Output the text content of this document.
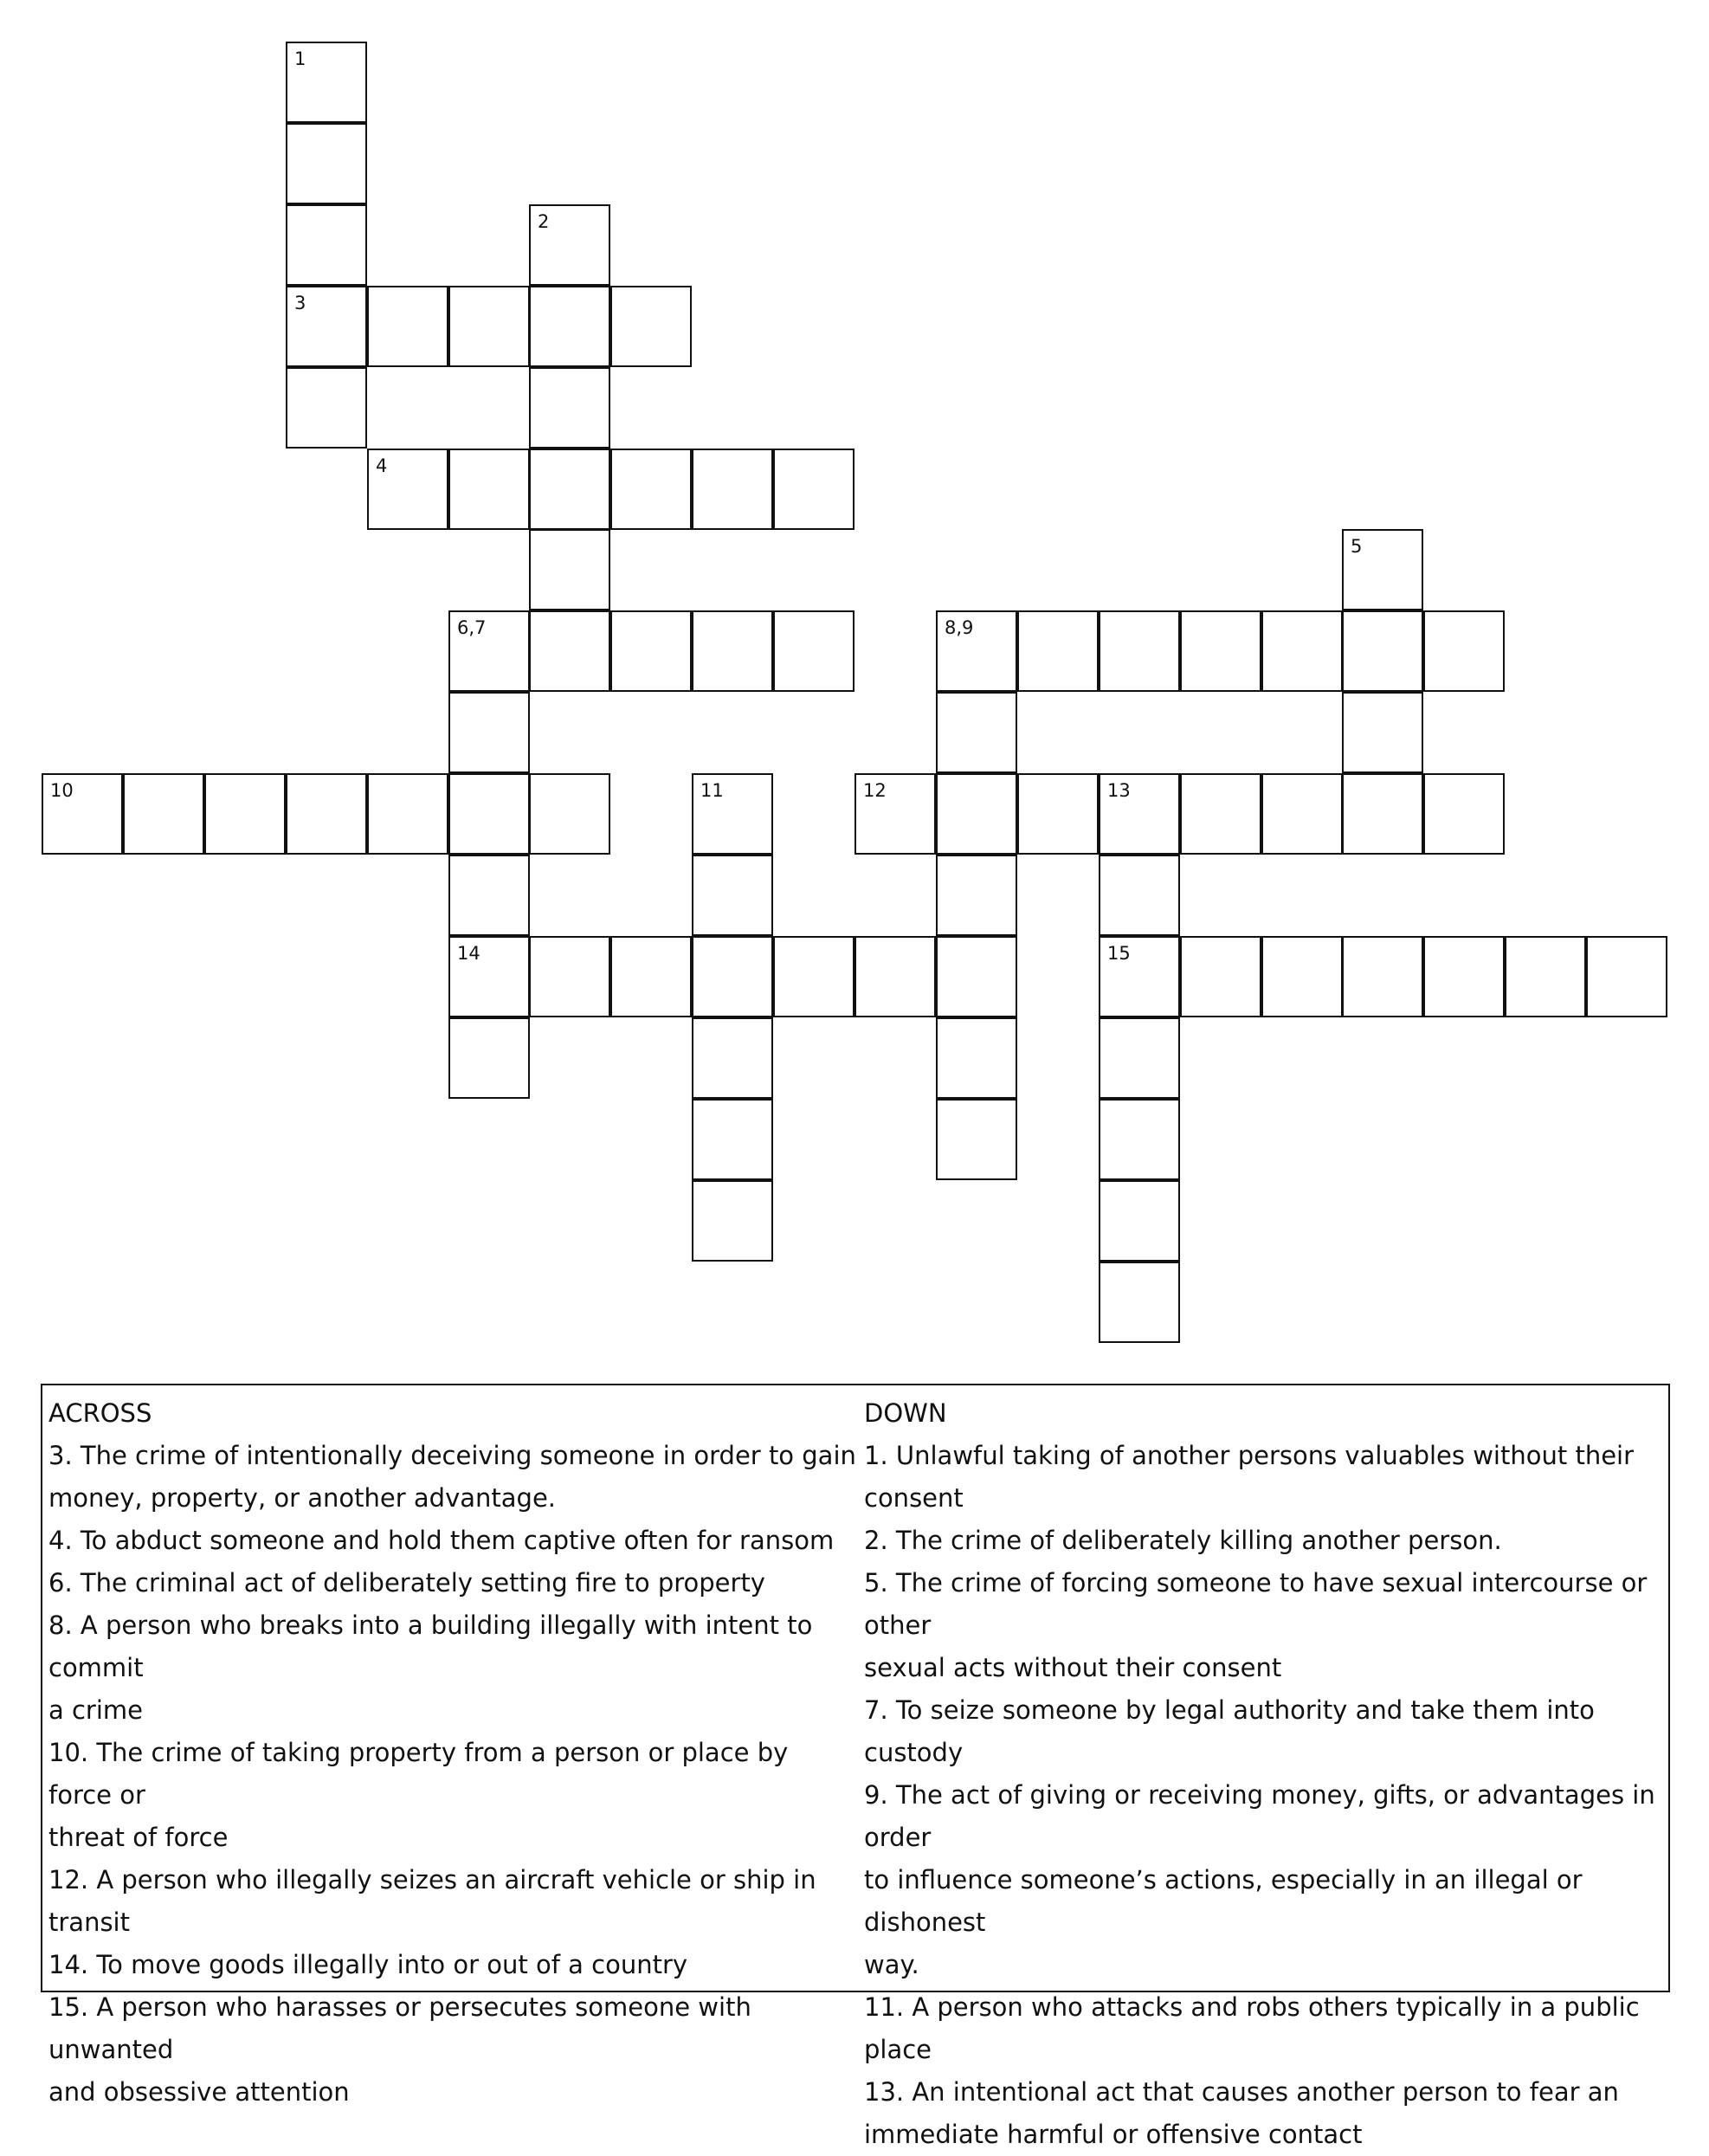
1
2
3
4
5
6,7	8,9
10	11	12	13
14	15
ACROSS
3. The crime of intentionally deceiving someone in order to gain
money, property, or another advantage.
4. To abduct someone and hold them captive often for ransom
6. The criminal act of deliberately setting fire to property
8. A person who breaks into a building illegally with intent to commit
a crime
10. The crime of taking property from a person or place by force or
threat of force
12. A person who illegally seizes an aircraft vehicle or ship in transit
14. To move goods illegally into or out of a country
15. A person who harasses or persecutes someone with unwanted
and obsessive attention
DOWN
1. Unlawful taking of another persons valuables without their
consent
2. The crime of deliberately killing another person.
5. The crime of forcing someone to have sexual intercourse or other
sexual acts without their consent
7. To seize someone by legal authority and take them into custody
9. The act of giving or receiving money, gifts, or advantages in order
to influence someone’s actions, especially in an illegal or dishonest
way.
11. A person who attacks and robs others typically in a public place
13. An intentional act that causes another person to fear an
immediate harmful or offensive contact
